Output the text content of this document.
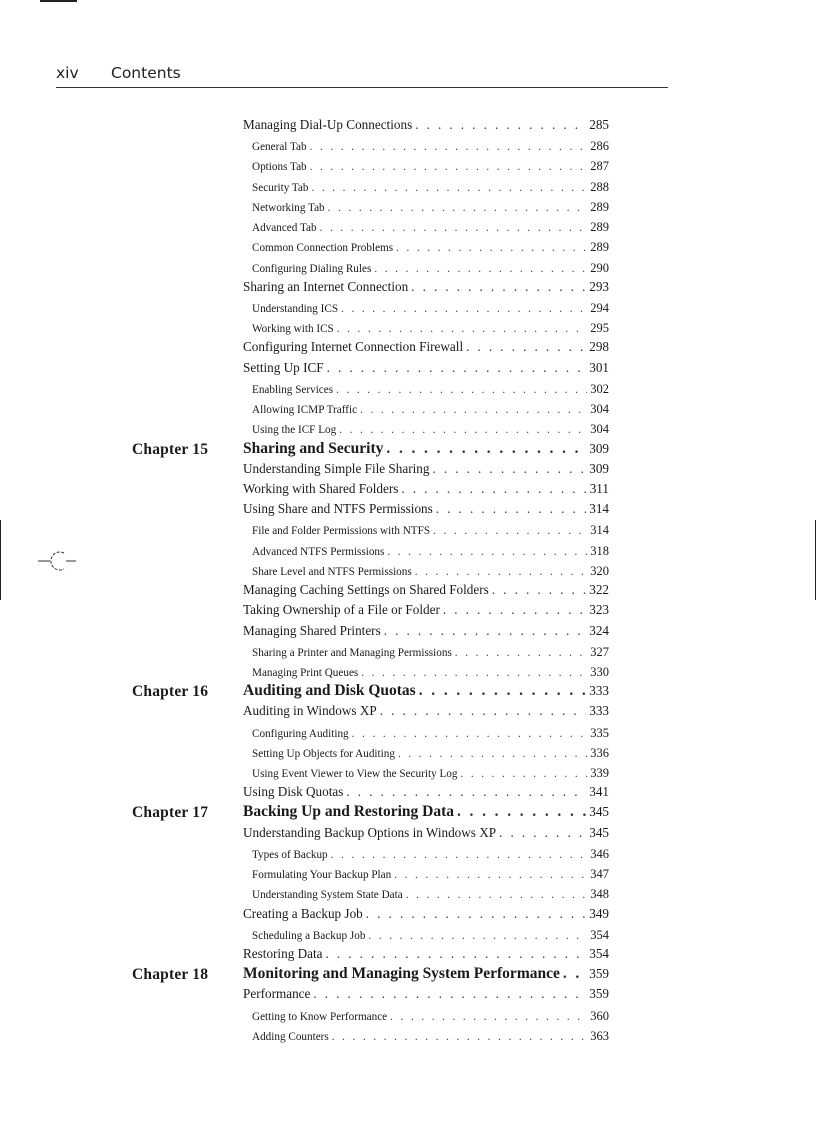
xiv Contents
Managing Dial-Up Connections . . .	285
General Tab . . .	286
Options Tab . . .	287
Security Tab . . .	288
Networking Tab . . .	289
Advanced Tab . . .	289
Common Connection Problems . . .	289
Configuring Dialing Rules . . .	290
Sharing an Internet Connection . . .	293
Understanding ICS . . .	294
Working with ICS . . .	295
Configuring Internet Connection Firewall . . .	298
Setting Up ICF . . .	301
Enabling Services . . .	302
Allowing ICMP Traffic . . .	304
Using the ICF Log . . .	304
Chapter 15 Sharing and Security . . .	309
Understanding Simple File Sharing . . .	309
Working with Shared Folders . . .	311
Using Share and NTFS Permissions . . .	314
File and Folder Permissions with NTFS . . .	314
Advanced NTFS Permissions . . .	318
Share Level and NTFS Permissions . . .	320
Managing Caching Settings on Shared Folders . . .	322
Taking Ownership of a File or Folder . . .	323
Managing Shared Printers . . .	324
Sharing a Printer and Managing Permissions . . .	327
Managing Print Queues . . .	330
Chapter 16 Auditing and Disk Quotas . . .	333
Auditing in Windows XP . . .	333
Configuring Auditing . . .	335
Setting Up Objects for Auditing . . .	336
Using Event Viewer to View the Security Log . . .	339
Using Disk Quotas . . .	341
Chapter 17 Backing Up and Restoring Data . . .	345
Understanding Backup Options in Windows XP . . .	345
Types of Backup . . .	346
Formulating Your Backup Plan . . .	347
Understanding System State Data . . .	348
Creating a Backup Job . . .	349
Scheduling a Backup Job . . .	354
Restoring Data . . .	354
Chapter 18 Monitoring and Managing System Performance . . . 359
Performance . . .	359
Getting to Know Performance . . .	360
Adding Counters . . .	363
